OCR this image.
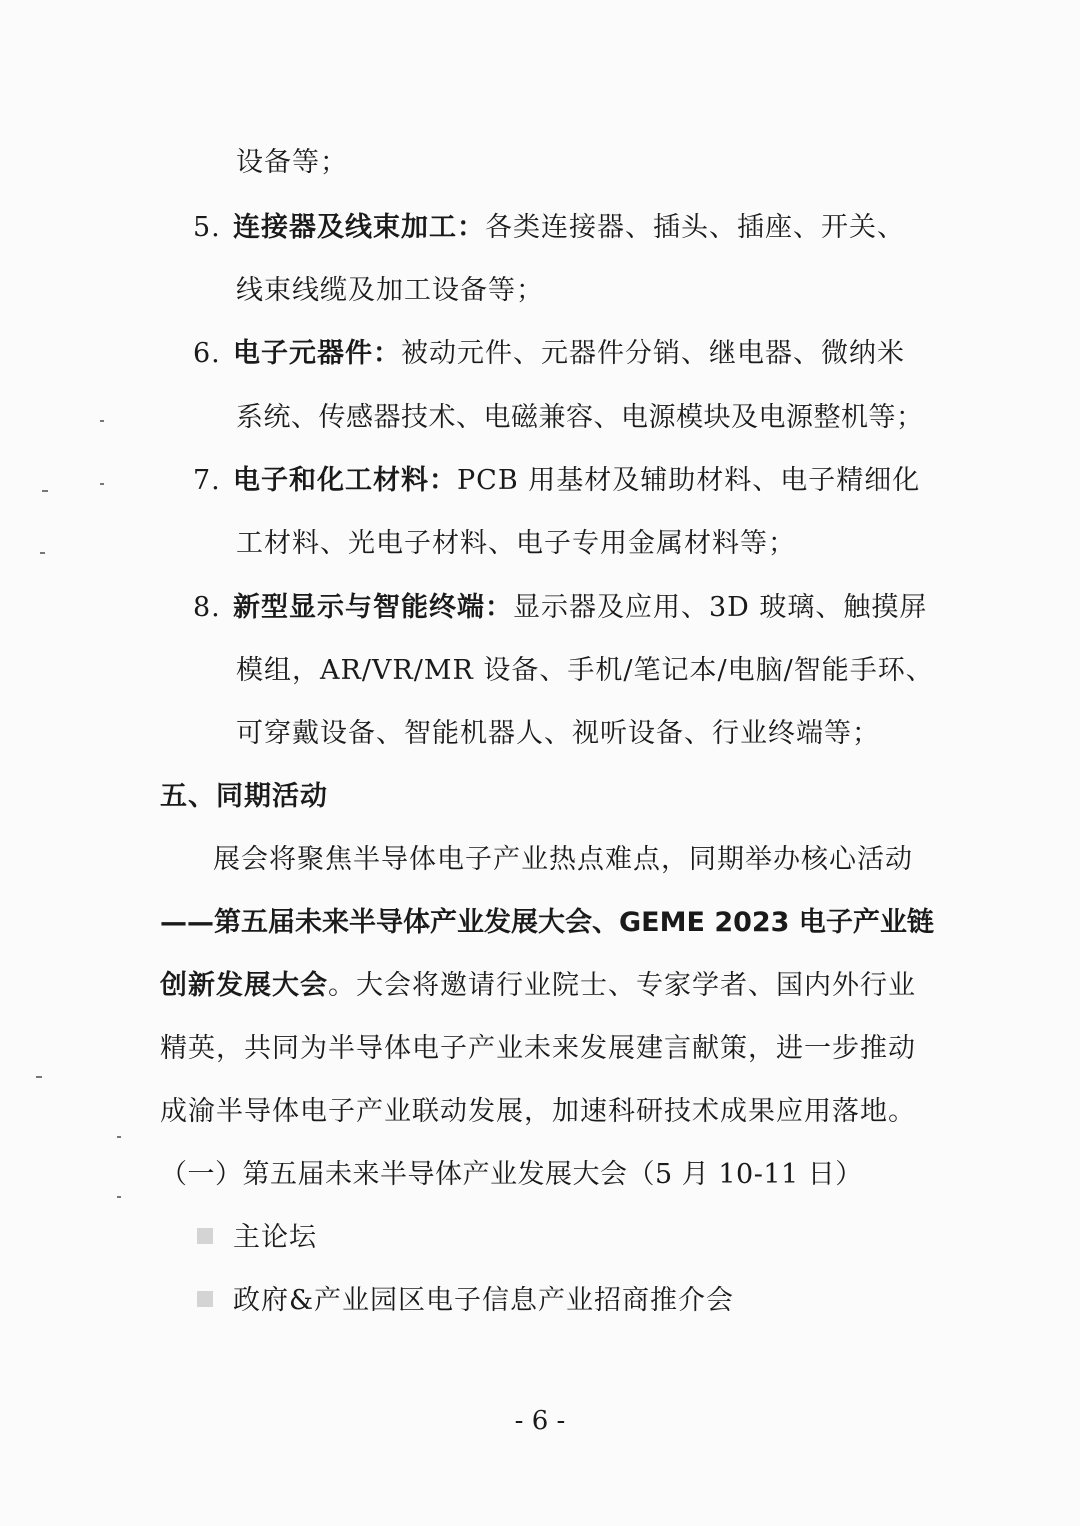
设备等；
5. 连接器及线束加工：各类连接器、插头、插座、开关、
线束线缆及加工设备等；
6. 电子元器件：被动元件、元器件分销、继电器、微纳米
系统、传感器技术、电磁兼容、电源模块及电源整机等；
7. 电子和化工材料：PCB 用基材及辅助材料、电子精细化
工材料、光电子材料、电子专用金属材料等；
8. 新型显示与智能终端：显示器及应用、3D 玻璃、触摸屏
模组，AR/VR/MR 设备、手机/笔记本/电脑/智能手环、
可穿戴设备、智能机器人、视听设备、行业终端等；
五、同期活动
展会将聚焦半导体电子产业热点难点，同期举办核心活动
——第五届未来半导体产业发展大会、GEME 2023 电子产业链
创新发展大会。大会将邀请行业院士、专家学者、国内外行业
精英，共同为半导体电子产业未来发展建言献策，进一步推动
成渝半导体电子产业联动发展，加速科研技术成果应用落地。
（一）第五届未来半导体产业发展大会（5 月 10-11 日）
主论坛
政府&产业园区电子信息产业招商推介会
- 6 -
